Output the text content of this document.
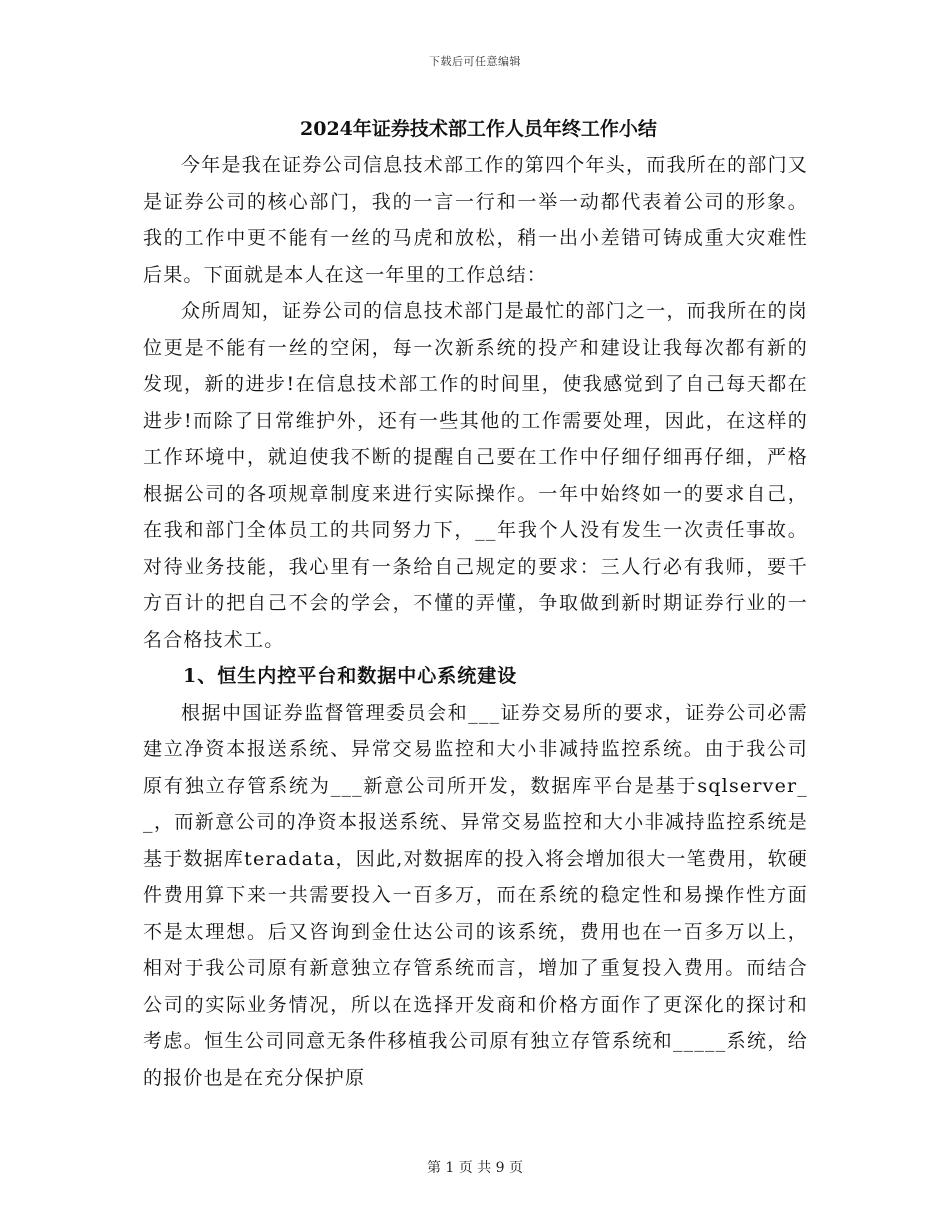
下载后可任意编辑
2024年证券技术部工作人员年终工作小结

今年是我在证券公司信息技术部工作的第四个年头，而我所在的部门又是证券公司的核心部门，我的一言一行和一举一动都代表着公司的形象。我的工作中更不能有一丝的马虎和放松，稍一出小差错可铸成重大灾难性后果。下面就是本人在这一年里的工作总结：

众所周知，证券公司的信息技术部门是最忙的部门之一，而我所在的岗位更是不能有一丝的空闲，每一次新系统的投产和建设让我每次都有新的发现，新的进步!在信息技术部工作的时间里，使我感觉到了自己每天都在进步!而除了日常维护外，还有一些其他的工作需要处理，因此，在这样的工作环境中，就迫使我不断的提醒自己要在工作中仔细仔细再仔细，严格根据公司的各项规章制度来进行实际操作。一年中始终如一的要求自己，在我和部门全体员工的共同努力下，__年我个人没有发生一次责任事故。对待业务技能，我心里有一条给自己规定的要求：三人行必有我师，要千方百计的把自己不会的学会，不懂的弄懂，争取做到新时期证券行业的一名合格技术工。

1、恒生内控平台和数据中心系统建设

根据中国证券监督管理委员会和___证券交易所的要求，证券公司必需建立净资本报送系统、异常交易监控和大小非减持监控系统。由于我公司原有独立存管系统为___新意公司所开发，数据库平台是基于sqlserver__，而新意公司的净资本报送系统、异常交易监控和大小非减持监控系统是基于数据库teradata，因此,对数据库的投入将会增加很大一笔费用，软硬件费用算下来一共需要投入一百多万，而在系统的稳定性和易操作性方面不是太理想。后又咨询到金仕达公司的该系统，费用也在一百多万以上，相对于我公司原有新意独立存管系统而言，增加了重复投入费用。而结合公司的实际业务情况，所以在选择开发商和价格方面作了更深化的探讨和考虑。恒生公司同意无条件移植我公司原有独立存管系统和_____系统，给的报价也是在充分保护原

第 1 页 共 9 页
